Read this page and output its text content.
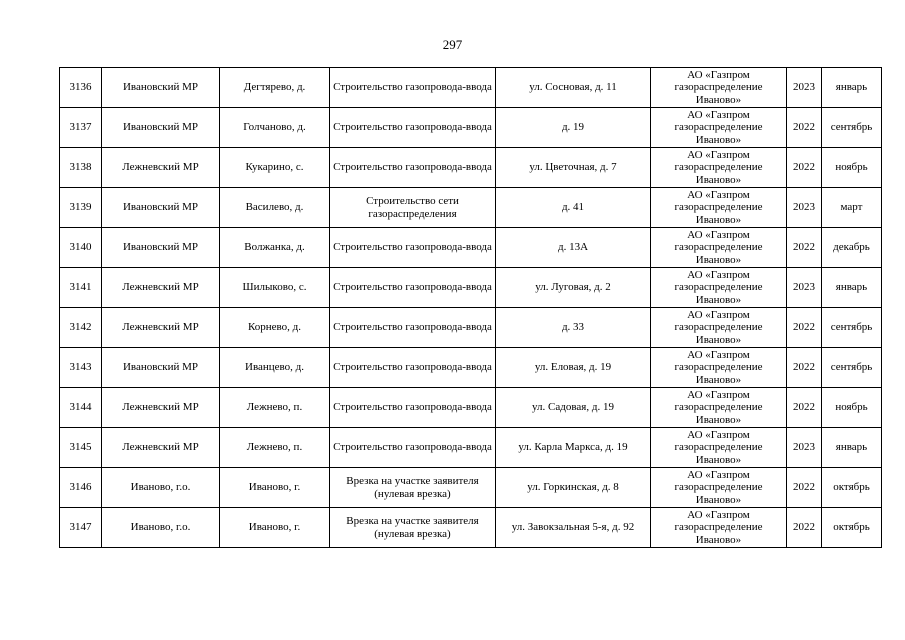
297
3136	Ивановский МР	Дегтярево, д.	Строительство газопровода-ввода	ул. Сосновая, д. 11	АО «Газпром газораспределение Иваново»	2023	январь
3137	Ивановский МР	Голчаново, д.	Строительство газопровода-ввода	д. 19	АО «Газпром газораспределение Иваново»	2022	сентябрь
3138	Лежневский МР	Кукарино, с.	Строительство газопровода-ввода	ул. Цветочная, д. 7	АО «Газпром газораспределение Иваново»	2022	ноябрь
3139	Ивановский МР	Василево, д.	Строительство сети газораспределения	д. 41	АО «Газпром газораспределение Иваново»	2023	март
3140	Ивановский МР	Волжанка, д.	Строительство газопровода-ввода	д. 13А	АО «Газпром газораспределение Иваново»	2022	декабрь
3141	Лежневский МР	Шилыково, с.	Строительство газопровода-ввода	ул. Луговая, д. 2	АО «Газпром газораспределение Иваново»	2023	январь
3142	Лежневский МР	Корнево, д.	Строительство газопровода-ввода	д. 33	АО «Газпром газораспределение Иваново»	2022	сентябрь
3143	Ивановский МР	Иванцево, д.	Строительство газопровода-ввода	ул. Еловая, д. 19	АО «Газпром газораспределение Иваново»	2022	сентябрь
3144	Лежневский МР	Лежнево, п.	Строительство газопровода-ввода	ул. Садовая, д. 19	АО «Газпром газораспределение Иваново»	2022	ноябрь
3145	Лежневский МР	Лежнево, п.	Строительство газопровода-ввода	ул. Карла Маркса, д. 19	АО «Газпром газораспределение Иваново»	2023	январь
3146	Иваново, г.о.	Иваново, г.	Врезка на участке заявителя (нулевая врезка)	ул. Горкинская, д. 8	АО «Газпром газораспределение Иваново»	2022	октябрь
3147	Иваново, г.о.	Иваново, г.	Врезка на участке заявителя (нулевая врезка)	ул. Завокзальная 5-я, д. 92	АО «Газпром газораспределение Иваново»	2022	октябрь
